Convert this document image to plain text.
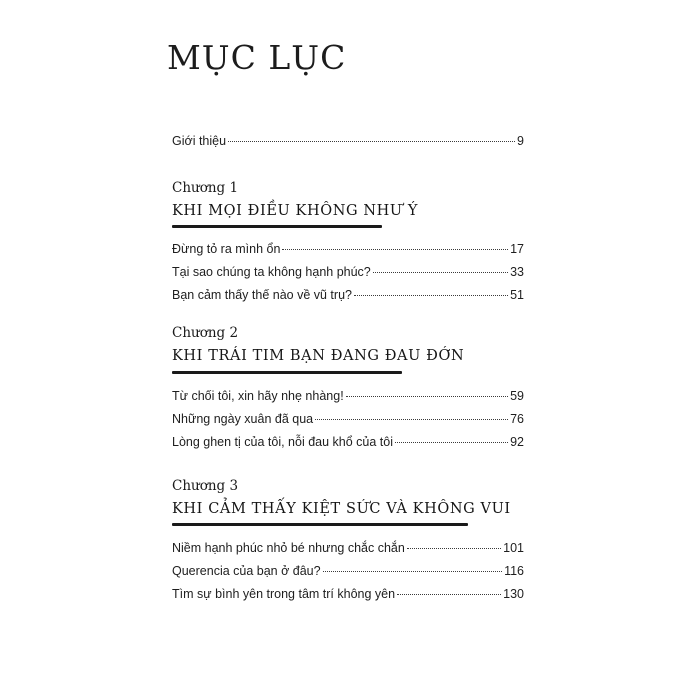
MỤC LỤC
Giới thiệu	9
Chương 1
KHI MỌI ĐIỀU KHÔNG NHƯ Ý
Đừng tỏ ra mình ổn	17
Tại sao chúng ta không hạnh phúc?	33
Bạn cảm thấy thế nào về vũ trụ?	51
Chương 2
KHI TRÁI TIM BẠN ĐANG ĐAU ĐỚN
Từ chối tôi, xin hãy nhẹ nhàng!	59
Những ngày xuân đã qua	76
Lòng ghen tị của tôi, nỗi đau khổ của tôi	92
Chương 3
KHI CẢM THẤY KIỆT SỨC VÀ KHÔNG VUI
Niềm hạnh phúc nhỏ bé nhưng chắc chắn	101
Querencia của bạn ở đâu?	116
Tìm sự bình yên trong tâm trí không yên	130
